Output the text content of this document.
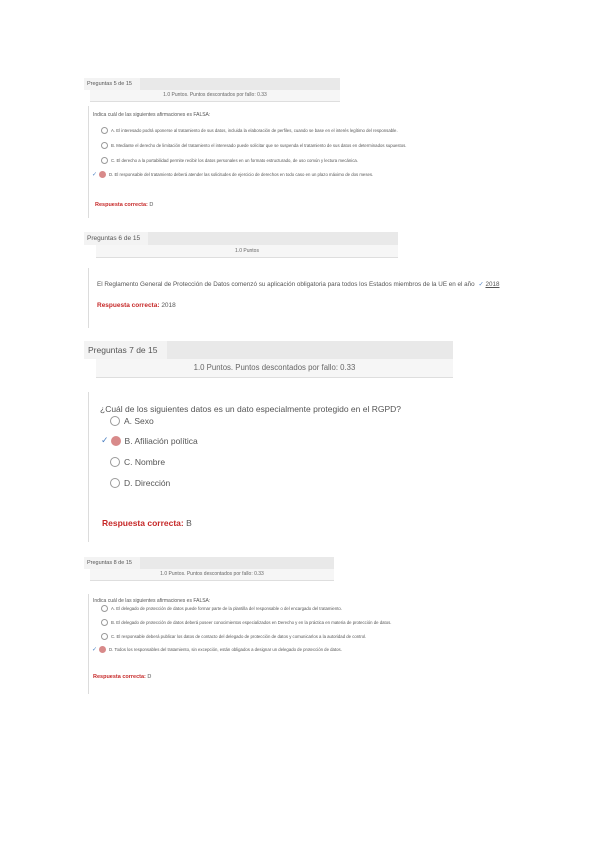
Preguntas 5 de 15
1.0 Puntos. Puntos descontados por fallo: 0.33
Indica cuál de las siguientes afirmaciones es FALSA:
A. El interesado podrá oponerse al tratamiento de sus datos, incluida la elaboración de perfiles, cuando se base en el interés legítimo del responsable.
B. Mediante el derecho de limitación del tratamiento el interesado puede solicitar que se suspenda el tratamiento de sus datos en determinados supuestos.
C. El derecho a la portabilidad permite recibir los datos personales en un formato estructurado, de uso común y lectura mecánica.
✓	D. El responsable del tratamiento deberá atender las solicitudes de ejercicio de derechos en todo caso en un plazo máximo de dos meses.
Respuesta correcta: D
Preguntas 6 de 15
1.0 Puntos
El Reglamento General de Protección de Datos comenzó su aplicación obligatoria para todos los Estados miembros de la UE en el año ✓ 2018
Respuesta correcta: 2018
Preguntas 7 de 15
1.0 Puntos. Puntos descontados por fallo: 0.33
¿Cuál de los siguientes datos es un dato especialmente protegido en el RGPD?
A. Sexo
✓ B. Afiliación política
C. Nombre
D. Dirección
Respuesta correcta: B
Preguntas 8 de 15
1.0 Puntos. Puntos descontados por fallo: 0.33
Indica cuál de las siguientes afirmaciones es FALSA:
A. El delegado de protección de datos puede formar parte de la plantilla del responsable o del encargado del tratamiento.
B. El delegado de protección de datos deberá poseer conocimientos especializados en Derecho y en la práctica en materia de protección de datos.
C. El responsable deberá publicar los datos de contacto del delegado de protección de datos y comunicarlos a la autoridad de control.
✓	D. Todos los responsables del tratamiento, sin excepción, están obligados a designar un delegado de protección de datos.
Respuesta correcta: D
